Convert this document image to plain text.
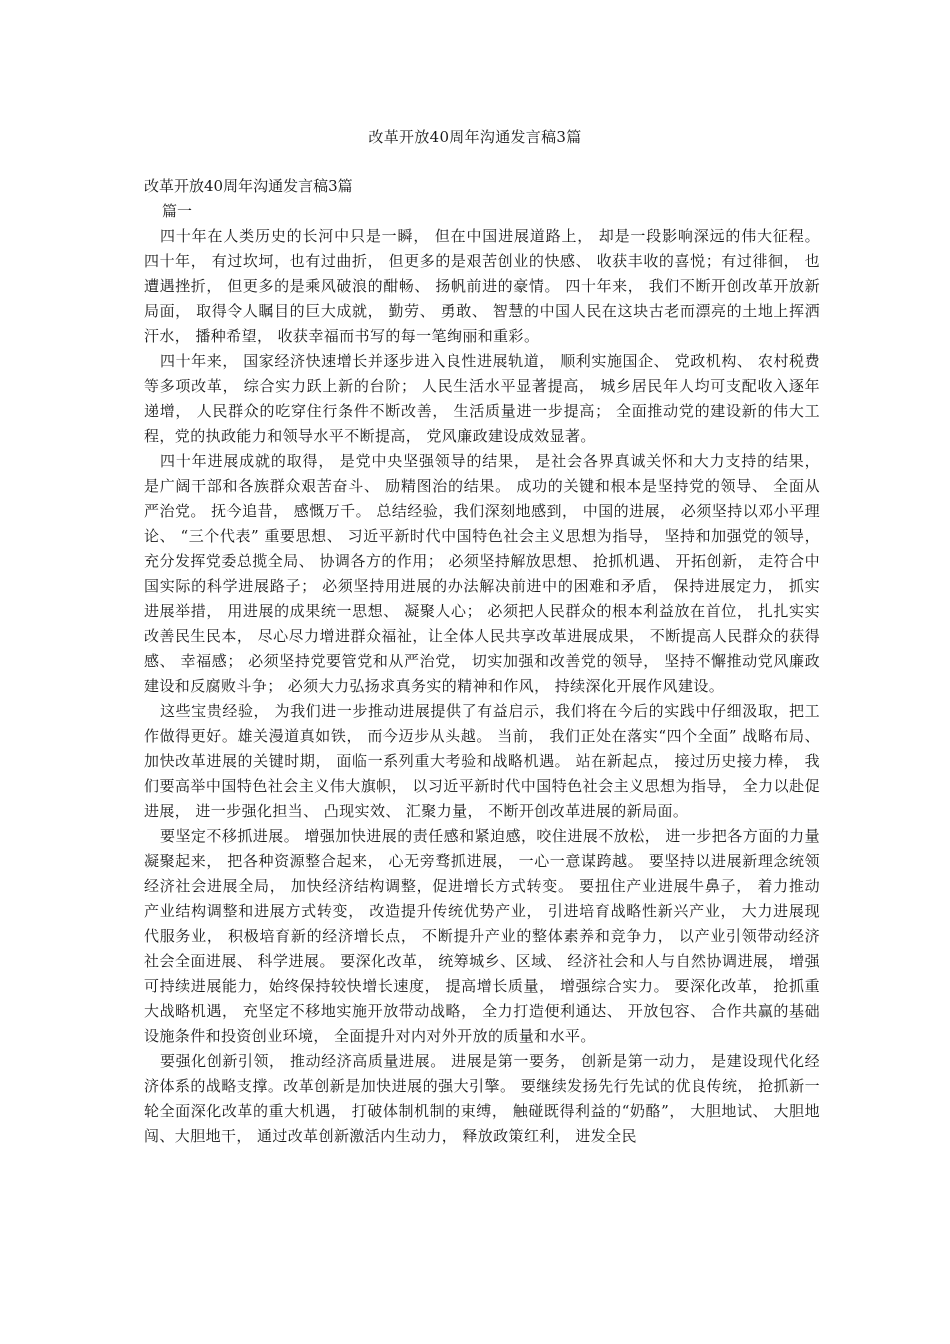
改革开放40周年沟通发言稿3篇

改革开放40周年沟通发言稿3篇

篇一

四十年在人类历史的长河中只是一瞬， 但在中国进展道路上， 却是一段影响深远的伟大征程。 四十年， 有过坎坷，也有过曲折， 但更多的是艰苦创业的快感、 收获丰收的喜悦；有过徘徊， 也遭遇挫折， 但更多的是乘风破浪的酣畅、 扬帆前进的豪情。 四十年来， 我们不断开创改革开放新局面， 取得令人瞩目的巨大成就， 勤劳、 勇敢、 智慧的中国人民在这块古老而漂亮的土地上挥洒汗水， 播种希望， 收获幸福而书写的每一笔绚丽和重彩。

四十年来， 国家经济快速增长并逐步进入良性进展轨道， 顺利实施国企、 党政机构、 农村税费等多项改革， 综合实力跃上新的台阶； 人民生活水平显著提高， 城乡居民年人均可支配收入逐年递增， 人民群众的吃穿住行条件不断改善， 生活质量进一步提高； 全面推动党的建设新的伟大工程，党的执政能力和领导水平不断提高， 党风廉政建设成效显著。

四十年进展成就的取得， 是党中央坚强领导的结果， 是社会各界真诚关怀和大力支持的结果， 是广阔干部和各族群众艰苦奋斗、 励精图治的结果。 成功的关键和根本是坚持党的领导、 全面从严治党。 抚今追昔， 感慨万千。 总结经验，我们深刻地感到， 中国的进展， 必须坚持以邓小平理论、 “三个代表” 重要思想、 习近平新时代中国特色社会主义思想为指导， 坚持和加强党的领导， 充分发挥党委总揽全局、 协调各方的作用； 必须坚持解放思想、 抢抓机遇、 开拓创新， 走符合中国实际的科学进展路子； 必须坚持用进展的办法解决前进中的困难和矛盾， 保持进展定力， 抓实进展举措， 用进展的成果统一思想、 凝聚人心； 必须把人民群众的根本利益放在首位， 扎扎实实改善民生民本， 尽心尽力增进群众福祉，让全体人民共享改革进展成果， 不断提高人民群众的获得感、 幸福感； 必须坚持党要管党和从严治党， 切实加强和改善党的领导， 坚持不懈推动党风廉政建设和反腐败斗争； 必须大力弘扬求真务实的精神和作风， 持续深化开展作风建设。

这些宝贵经验， 为我们进一步推动进展提供了有益启示，我们将在今后的实践中仔细汲取，把工作做得更好。雄关漫道真如铁， 而今迈步从头越。 当前， 我们正处在落实“四个全面” 战略布局、 加快改革进展的关键时期， 面临一系列重大考验和战略机遇。 站在新起点， 接过历史接力棒， 我们要高举中国特色社会主义伟大旗帜， 以习近平新时代中国特色社会主义思想为指导， 全力以赴促进展， 进一步强化担当、 凸现实效、 汇聚力量， 不断开创改革进展的新局面。

要坚定不移抓进展。 增强加快进展的责任感和紧迫感，咬住进展不放松， 进一步把各方面的力量凝聚起来， 把各种资源整合起来， 心无旁骛抓进展， 一心一意谋跨越。 要坚持以进展新理念统领经济社会进展全局， 加快经济结构调整，促进增长方式转变。 要扭住产业进展牛鼻子， 着力推动产业结构调整和进展方式转变， 改造提升传统优势产业， 引进培育战略性新兴产业， 大力进展现代服务业， 积极培育新的经济增长点， 不断提升产业的整体素养和竞争力， 以产业引领带动经济社会全面进展、 科学进展。 要深化改革， 统筹城乡、区域、 经济社会和人与自然协调进展， 增强可持续进展能力，始终保持较快增长速度， 提高增长质量， 增强综合实力。 要深化改革， 抢抓重大战略机遇， 充坚定不移地实施开放带动战略， 全力打造便利通达、 开放包容、 合作共赢的基础设施条件和投资创业环境， 全面提升对内对外开放的质量和水平。

要强化创新引领， 推动经济高质量进展。 进展是第一要务， 创新是第一动力， 是建设现代化经济体系的战略支撑。改革创新是加快进展的强大引擎。 要继续发扬先行先试的优良传统， 抢抓新一轮全面深化改革的重大机遇， 打破体制机制的束缚， 触碰既得利益的“奶酪”， 大胆地试、 大胆地闯、大胆地干， 通过改革创新激活内生动力， 释放政策红利， 进发全民
